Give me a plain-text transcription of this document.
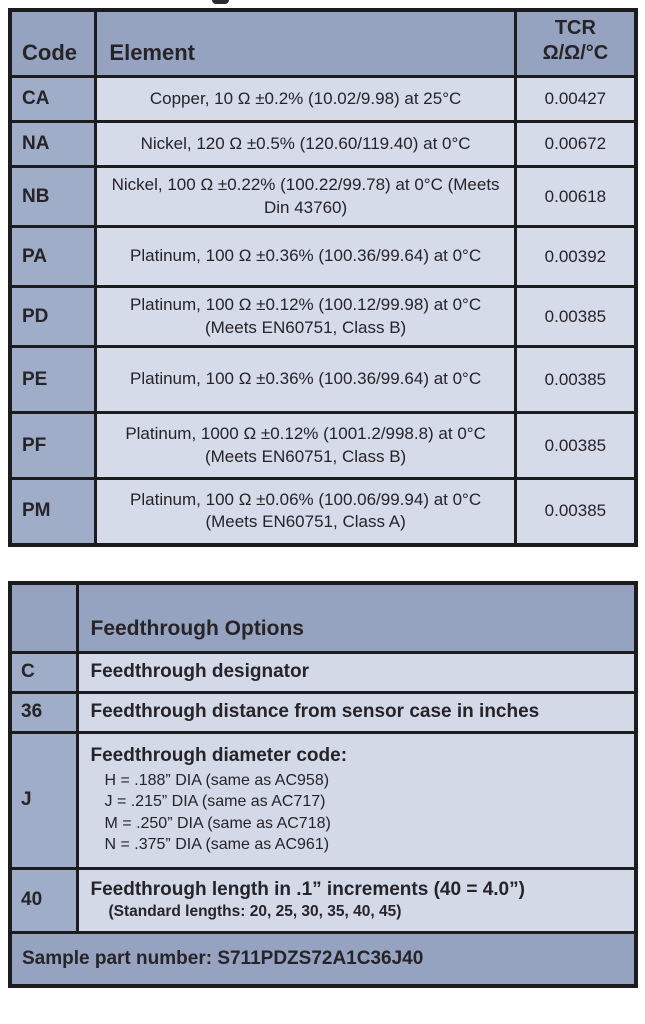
Code	Element	TCR
Ω/Ω/°C
CA	Copper, 10 Ω ±0.2% (10.02/9.98) at 25°C	0.00427
NA	Nickel, 120 Ω ±0.5% (120.60/119.40) at 0°C	0.00672
NB	Nickel, 100 Ω ±0.22% (100.22/99.78) at 0°C (Meets Din 43760)	0.00618
PA	Platinum, 100 Ω ±0.36% (100.36/99.64) at 0°C	0.00392
PD	Platinum, 100 Ω ±0.12% (100.12/99.98) at 0°C (Meets EN60751, Class B)	0.00385
PE	Platinum, 100 Ω ±0.36% (100.36/99.64) at 0°C	0.00385
PF	Platinum, 1000 Ω ±0.12% (1001.2/998.8) at 0°C (Meets EN60751, Class B)	0.00385
PM	Platinum, 100 Ω ±0.06% (100.06/99.94) at 0°C (Meets EN60751, Class A)	0.00385
	Feedthrough Options
C	Feedthrough designator
36	Feedthrough distance from sensor case in inches
J	Feedthrough diameter code:
H = .188” DIA (same as AC958)
J = .215” DIA (same as AC717)
M = .250” DIA (same as AC718)
N = .375” DIA (same as AC961)

40	Feedthrough length in .1” increments (40 = 4.0”)
(Standard lengths: 20, 25, 30, 35, 40, 45)

Sample part number: S711PDZS72A1C36J40	
